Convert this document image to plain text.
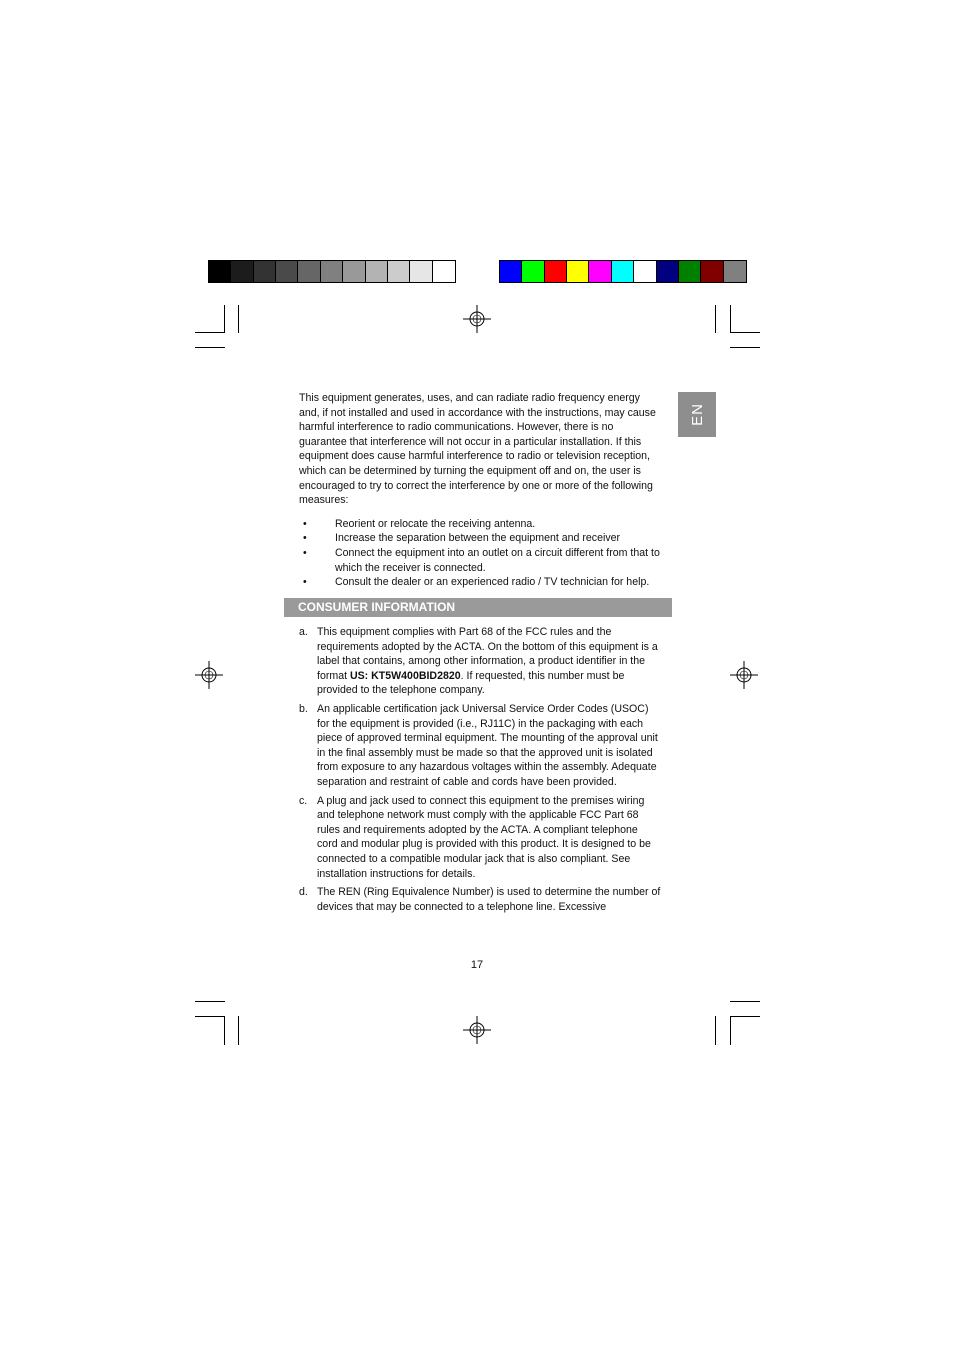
EN

This equipment generates, uses, and can radiate radio frequency energy and, if not installed and used in accordance with the instructions, may cause harmful interference to radio communications. However, there is no guarantee that interference will not occur in a particular installation. If this equipment does cause harmful interference to radio or television reception, which can be determined by turning the equipment off and on, the user is encouraged to try to correct the interference by one or more of the following measures:

• Reorient or relocate the receiving antenna.
• Increase the separation between the equipment and receiver
• Connect the equipment into an outlet on a circuit different from that to which the receiver is connected.
• Consult the dealer or an experienced radio / TV technician for help.
CONSUMER INFORMATION
a. This equipment complies with Part 68 of the FCC rules and the requirements adopted by the ACTA. On the bottom of this equipment is a label that contains, among other information, a product identifier in the format US: KT5W400BID2820. If requested, this number must be provided to the telephone company.
b. An applicable certification jack Universal Service Order Codes (USOC) for the equipment is provided (i.e., RJ11C) in the packaging with each piece of approved terminal equipment. The mounting of the approval unit in the final assembly must be made so that the approved unit is isolated from exposure to any hazardous voltages within the assembly. Adequate separation and restraint of cable and cords have been provided.
c. A plug and jack used to connect this equipment to the premises wiring and telephone network must comply with the applicable FCC Part 68 rules and requirements adopted by the ACTA. A compliant telephone cord and modular plug is provided with this product. It is designed to be connected to a compatible modular jack that is also compliant. See installation instructions for details.
d. The REN (Ring Equivalence Number) is used to determine the number of devices that may be connected to a telephone line. Excessive
17
